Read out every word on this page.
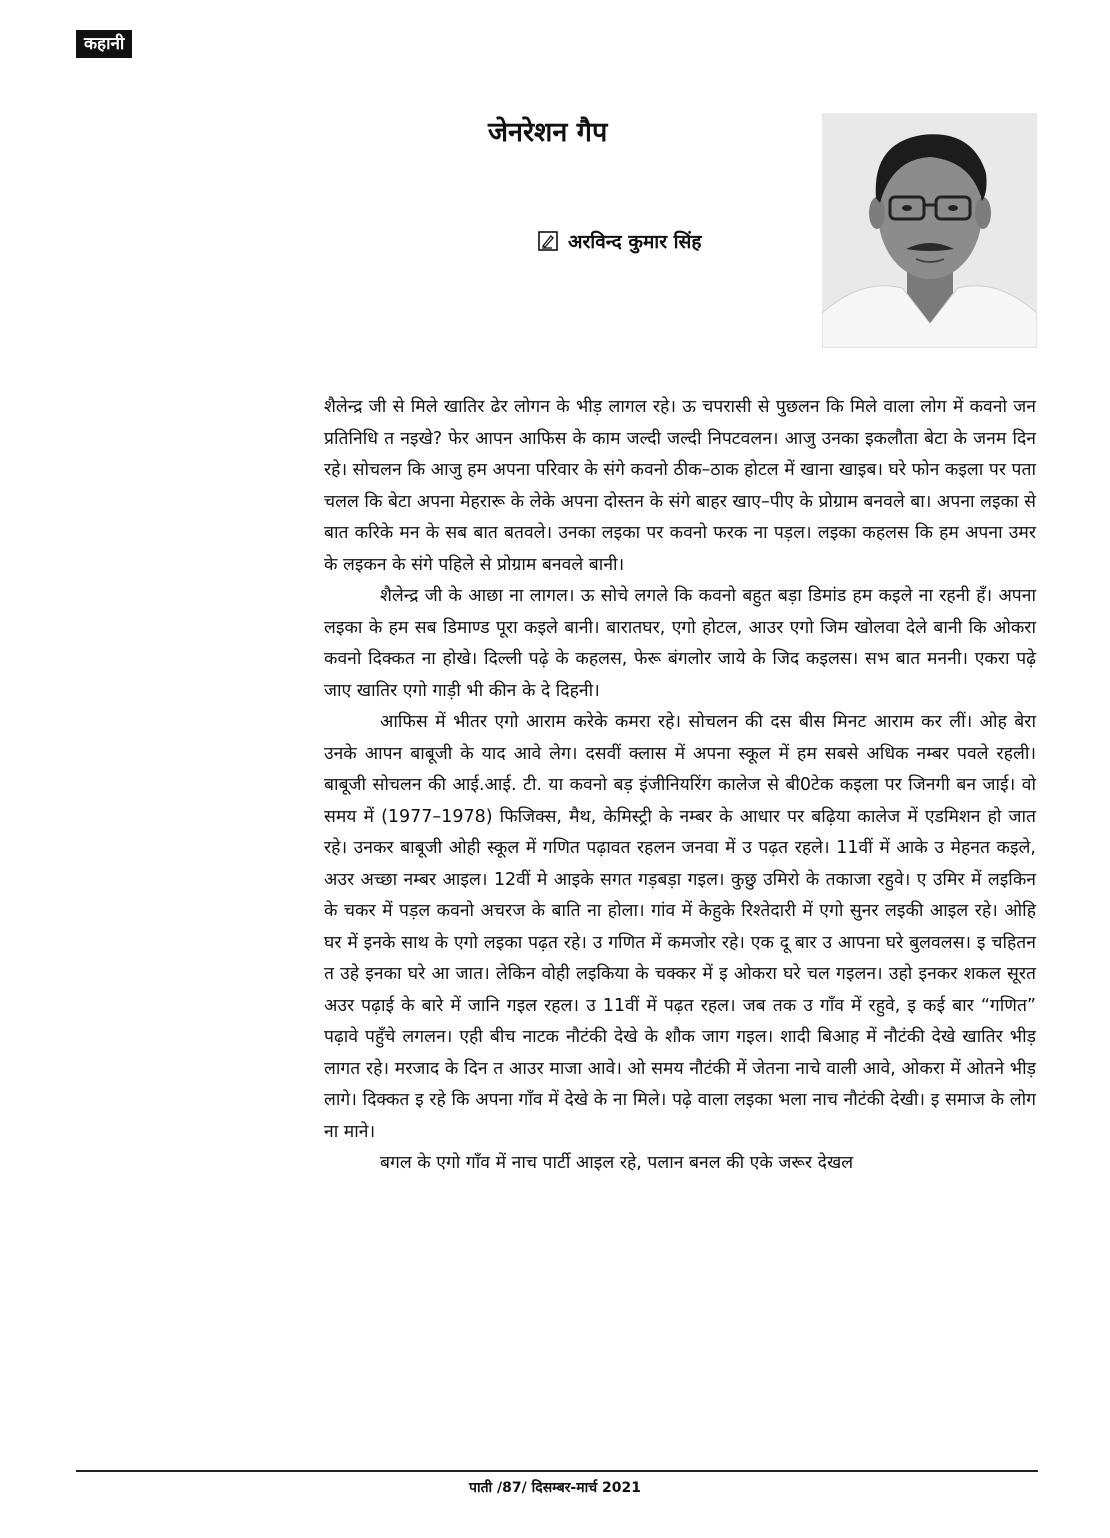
कहानी
जेनरेशन गैप
अरविन्द कुमार सिंह

शैलेन्द्र जी से मिले खातिर ढेर लोगन के भीड़ लागल रहे। ऊ चपरासी से पुछलन कि मिले वाला लोग में कवनो जन प्रतिनिधि त नइखे? फेर आपन आफिस के काम जल्दी जल्दी निपटवलन। आजु उनका इकलौता बेटा के जनम दिन रहे। सोचलन कि आजु हम अपना परिवार के संगे कवनो ठीक–ठाक होटल में खाना खाइब। घरे फोन कइला पर पता चलल कि बेटा अपना मेहरारू के लेके अपना दोस्तन के संगे बाहर खाए–पीए के प्रोग्राम बनवले बा। अपना लइका से बात करिके मन के सब बात बतवले। उनका लइका पर कवनो फरक ना पड़ल। लइका कहलस कि हम अपना उमर के लइकन के संगे पहिले से प्रोग्राम बनवले बानी।

शैलेन्द्र जी के आछा ना लागल। ऊ सोचे लगले कि कवनो बहुत बड़ा डिमांड हम कइले ना रहनी हँ। अपना लइका के हम सब डिमाण्ड पूरा कइले बानी। बारातघर, एगो होटल, आउर एगो जिम खोलवा देले बानी कि ओकरा कवनो दिक्कत ना होखे। दिल्ली पढ़े के कहलस, फेरू बंगलोर जाये के जिद कइलस। सभ बात मननी। एकरा पढ़े जाए खातिर एगो गाड़ी भी कीन के दे दिहनी।

आफिस में भीतर एगो आराम करेके कमरा रहे। सोचलन की दस बीस मिनट आराम कर लीं। ओह बेरा उनके आपन बाबूजी के याद आवे लेग। दसवीं क्लास में अपना स्कूल में हम सबसे अधिक नम्बर पवले रहली। बाबूजी सोचलन की आई.आई. टी. या कवनो बड़ इंजीनियरिंग कालेज से बी0टेक कइला पर जिनगी बन जाई। वो समय में (1977–1978) फिजिक्स, मैथ, केमिस्ट्री के नम्बर के आधार पर बढ़िया कालेज में एडमिशन हो जात रहे। उनकर बाबूजी ओही स्कूल में गणित पढ़ावत रहलन जनवा में उ पढ़त रहले। 11वीं में आके उ मेहनत कइले, अउर अच्छा नम्बर आइल। 12वीं मे आइके सगत गड़बड़ा गइल। कुछु उमिरो के तकाजा रहुवे। ए उमिर में लइकिन के चकर में पड़ल कवनो अचरज के बाति ना होला। गांव में केहुके रिश्तेदारी में एगो सुनर लइकी आइल रहे। ओहि घर में इनके साथ के एगो लइका पढ़त रहे। उ गणित में कमजोर रहे। एक दू बार उ आपना घरे बुलवलस। इ चहितन त उहे इनका घरे आ जात। लेकिन वोही लइकिया के चक्कर में इ ओकरा घरे चल गइलन। उहो इनकर शकल सूरत अउर पढ़ाई के बारे में जानि गइल रहल। उ 11वीं में पढ़त रहल। जब तक उ गाँव में रहुवे, इ कई बार “गणित” पढ़ावे पहुँचे लगलन। एही बीच नाटक नौटंकी देखे के शौक जाग गइल। शादी बिआह में नौटंकी देखे खातिर भीड़ लागत रहे। मरजाद के दिन त आउर माजा आवे। ओ समय नौटंकी में जेतना नाचे वाली आवे, ओकरा में ओतने भीड़ लागे। दिक्कत इ रहे कि अपना गाँव में देखे के ना मिले। पढ़े वाला लइका भला नाच नौटंकी देखी। इ समाज के लोग ना माने।

बगल के एगो गाँव में नाच पार्टी आइल रहे, पलान बनल की एके जरूर देखल

पाती /87/ दिसम्बर-मार्च 2021
